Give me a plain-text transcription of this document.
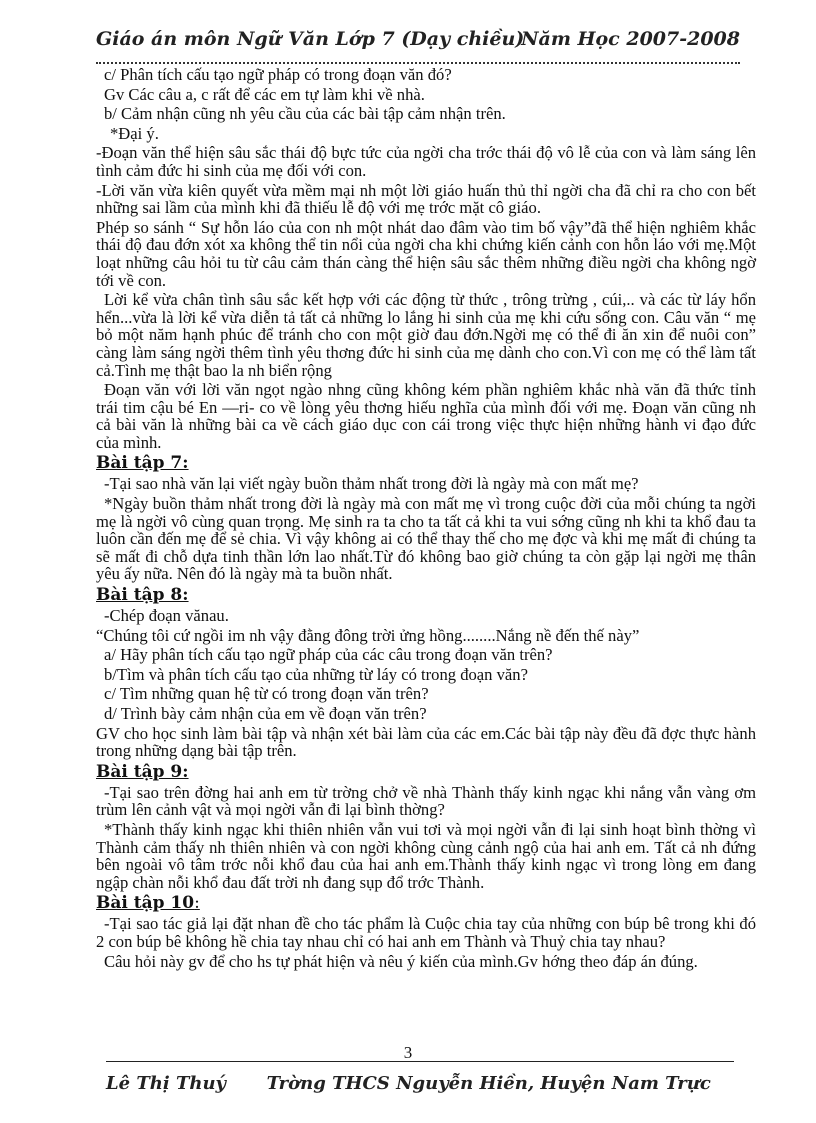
Giáo án môn Ngữ Văn Lớp 7 (Dạy chiều)
Năm Học 2007-2008

c/ Phân tích cấu tạo ngữ pháp có trong đoạn văn đó?

Gv Các câu a, c rất để các em tự làm khi về nhà.

b/ Cảm nhận cũng nh yêu cầu của các bài tập cảm nhận trên.

*Đại ý.

-Đoạn văn thể hiện sâu sắc thái độ bực tức của ngời cha trớc thái độ vô lễ của con và làm sáng lên tình cảm đức hi sinh của mẹ đối với con.

-Lời văn vừa kiên quyết vừa mềm mại nh một lời giáo huấn thủ thỉ ngời cha đã chỉ ra cho con bết những sai lầm của mình khi đã thiếu lễ độ với mẹ trớc mặt cô giáo.

Phép so sánh “ Sự hỗn láo của con nh một nhát dao đâm vào tim bố vậy”đã thể hiện nghiêm khắc thái độ đau đớn xót xa không thể tin nổi của ngời cha khi chứng kiến cảnh con hỗn láo với mẹ.Một loạt những câu hỏi tu từ câu cảm thán càng thể hiện sâu sắc thêm những điều ngời cha không ngờ tới về con.

Lời kể vừa chân tình sâu sắc kết hợp với các động từ thức , trông trừng , cúi,.. và các từ láy hổn hển...vừa là lời kể vừa diễn tả tất cả những lo lắng hi sinh của mẹ khi cứu sống con. Câu văn “ mẹ bỏ một năm hạnh phúc để tránh cho con một giờ đau đớn.Ngời mẹ có thể đi ăn xin để nuôi con” càng làm sáng ngời thêm tình yêu thơng đức hi sinh của mẹ dành cho con.Vì con mẹ có thể làm tất cả.Tình mẹ thật bao la nh biển rộng

Đoạn văn với lời văn ngọt ngào nhng cũng không kém phần nghiêm khắc nhà văn đã thức tỉnh trái tim cậu bé En —ri- co về lòng yêu thơng hiếu nghĩa của mình đối với mẹ. Đoạn văn cũng nh cả bài văn là những bài ca về cách giáo dục con cái trong việc thực hiện những hành vi đạo đức của mình.

Bài tập 7:

-Tại sao nhà văn lại viết ngày buồn thảm nhất trong đời là ngày mà con mất mẹ?

*Ngày buồn thảm nhất trong đời là ngày mà con mất mẹ vì trong cuộc đời của mỗi chúng ta ngời mẹ là ngời vô cùng quan trọng. Mẹ sinh ra ta cho ta tất cả khi ta vui sớng cũng nh khi ta khổ đau ta luôn cần đến mẹ để sẻ chia. Vì vậy không ai có thể thay thế cho mẹ đợc và khi mẹ mất đi chúng ta sẽ mất đi chỗ dựa tinh thần lớn lao nhất.Từ đó không bao giờ chúng ta còn gặp lại ngời mẹ thân yêu ấy nữa. Nên đó là ngày mà ta buồn nhất.

Bài tập 8:

-Chép đoạn vănau.

“Chúng tôi cứ ngồi im nh vậy đằng đông trời ửng hồng........Nắng nề đến thế này”

a/ Hãy phân tích cấu tạo ngữ pháp của các câu trong đoạn văn trên?

b/Tìm và phân tích cấu tạo của những từ láy có trong đoạn văn?

c/ Tìm những quan hệ từ có trong đoạn văn trên?

d/ Trình bày cảm nhận của em về đoạn văn trên?

GV cho học sinh làm bài tập và nhận xét bài làm của các em.Các bài tập này đều đã đợc thực hành trong những dạng bài tập trên.

Bài tập 9:

-Tại sao trên đờng hai anh em từ trờng chở về nhà Thành thấy kinh ngạc khi nắng vẫn vàng ơm trùm lên cảnh vật và mọi ngời vẫn đi lại bình thờng?

*Thành thấy kinh ngạc khi thiên nhiên vẫn vui tơi và mọi ngời vẫn đi lại sinh hoạt bình thờng vì Thành cảm thấy nh thiên nhiên và con ngời không cùng cảnh ngộ của hai anh em. Tất cả nh đứng bên ngoài vô tâm trớc nỗi khổ đau của hai anh em.Thành thấy kinh ngạc vì trong lòng em đang ngập chàn nỗi khổ đau đất trời nh đang sụp đổ trớc Thành.

Bài tập 10:

-Tại sao tác giả lại đặt nhan đề cho tác phẩm là Cuộc chia tay của những con búp bê trong khi đó 2 con búp bê không hề chia tay nhau chỉ có hai anh em Thành và Thuỷ chia tay nhau?

Câu hỏi này gv để cho hs tự phát hiện và nêu ý kiến của mình.Gv hớng theo đáp án đúng.

3
Lê Thị Thuý Trờng THCS Nguyễn Hiền, Huyện Nam Trực
